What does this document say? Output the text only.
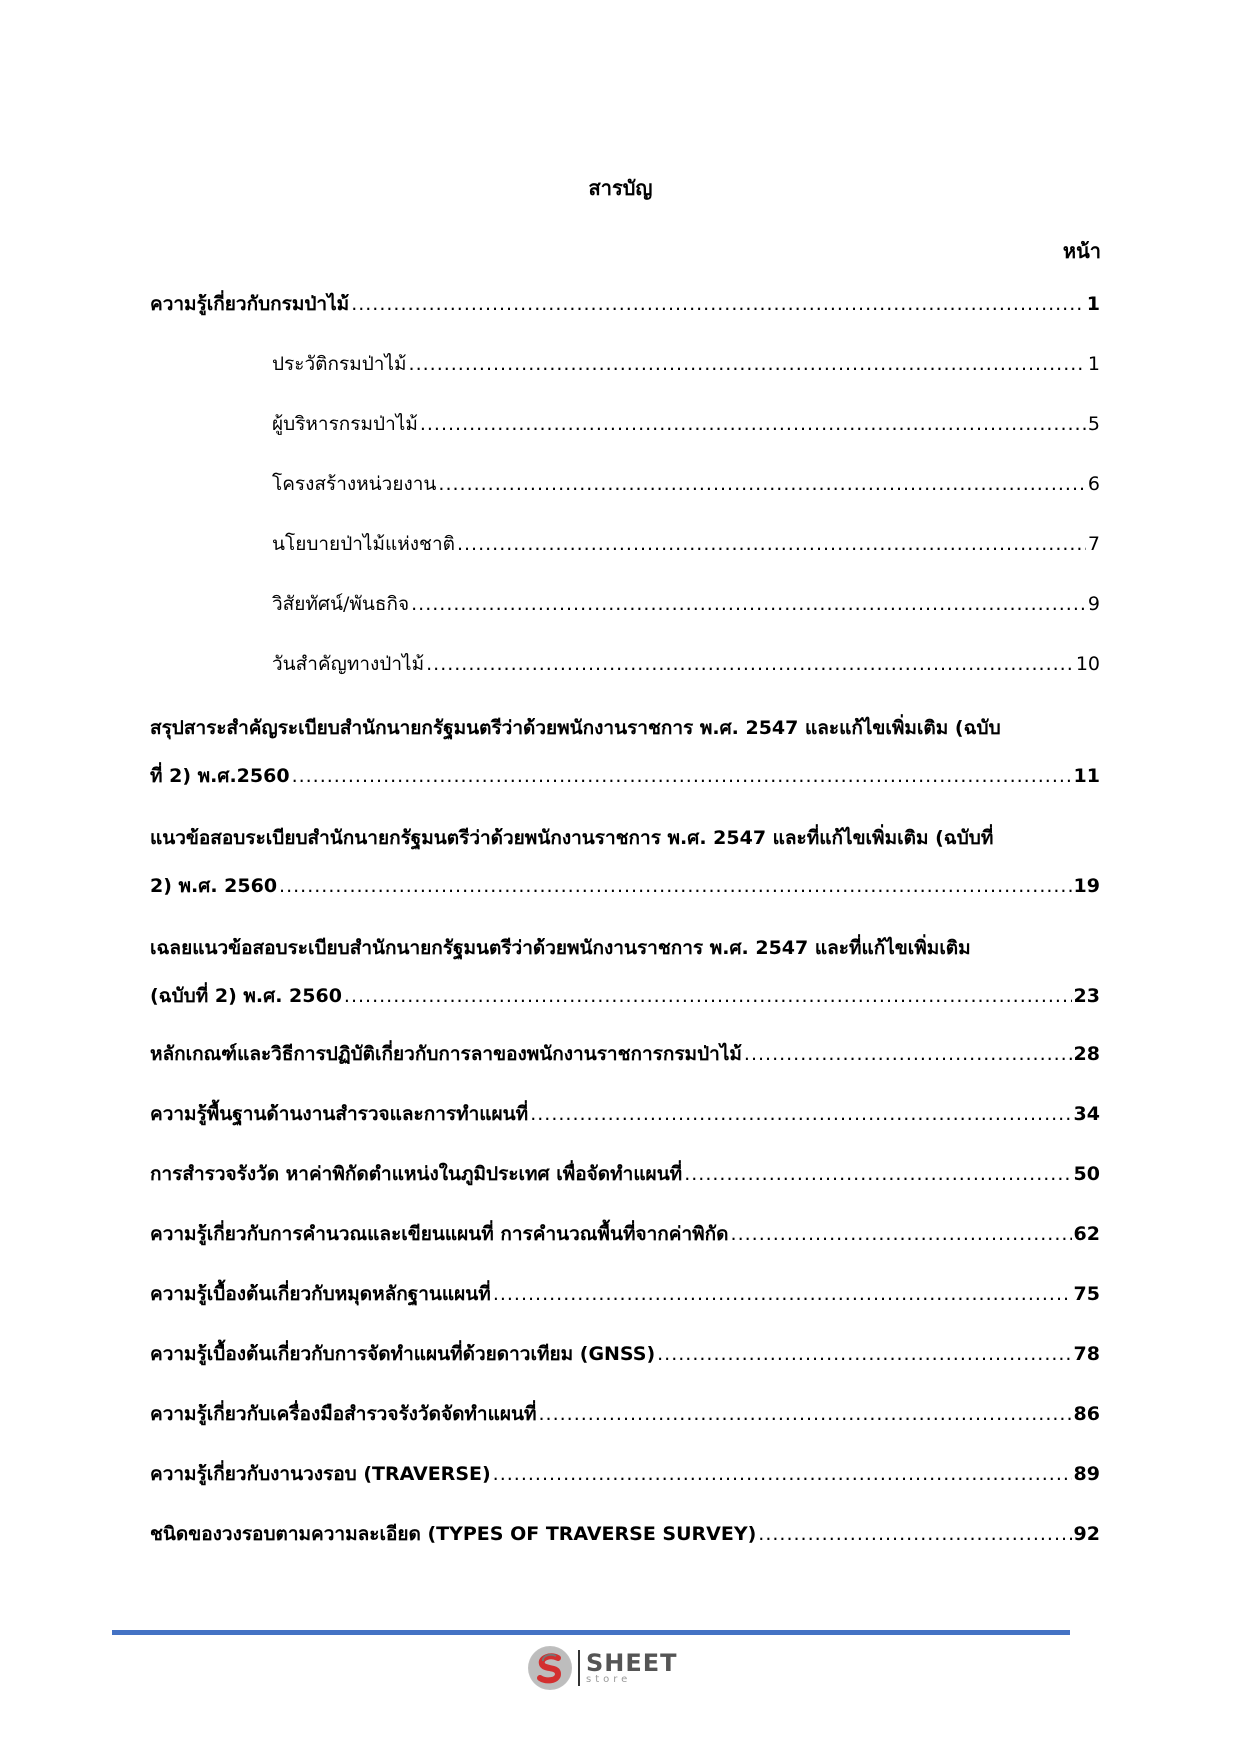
สารบัญ
หน้า
ความรู้เกี่ยวกับกรมป่าไม้ .....	1
ประวัติกรมป่าไม้ .....	1
ผู้บริหารกรมป่าไม้ .....	5
โครงสร้างหน่วยงาน .....	6
นโยบายป่าไม้แห่งชาติ .....	7
วิสัยทัศน์/พันธกิจ .....	9
วันสำคัญทางป่าไม้ .....	10
สรุปสาระสำคัญระเบียบสำนักนายกรัฐมนตรีว่าด้วยพนักงานราชการ พ.ศ. 2547 และแก้ไขเพิ่มเติม (ฉบับ
ที่ 2) พ.ศ.2560 .....	11
แนวข้อสอบระเบียบสำนักนายกรัฐมนตรีว่าด้วยพนักงานราชการ พ.ศ. 2547 และที่แก้ไขเพิ่มเติม (ฉบับที่
2) พ.ศ. 2560 .....	19
เฉลยแนวข้อสอบระเบียบสำนักนายกรัฐมนตรีว่าด้วยพนักงานราชการ พ.ศ. 2547 และที่แก้ไขเพิ่มเติม
(ฉบับที่ 2) พ.ศ. 2560 .....	23
หลักเกณฑ์และวิธีการปฏิบัติเกี่ยวกับการลาของพนักงานราชการกรมป่าไม้ .....	28
ความรู้พื้นฐานด้านงานสำรวจและการทำแผนที่ .....	34
การสำรวจรังวัด หาค่าพิกัดตำแหน่งในภูมิประเทศ เพื่อจัดทำแผนที่ .....	50
ความรู้เกี่ยวกับการคำนวณและเขียนแผนที่ การคำนวณพื้นที่จากค่าพิกัด .....	62
ความรู้เบื้องต้นเกี่ยวกับหมุดหลักฐานแผนที่ .....	75
ความรู้เบื้องต้นเกี่ยวกับการจัดทำแผนที่ด้วยดาวเทียม (GNSS) .....	78
ความรู้เกี่ยวกับเครื่องมือสำรวจรังวัดจัดทำแผนที่ .....	86
ความรู้เกี่ยวกับงานวงรอบ (TRAVERSE) .....	89
ชนิดของวงรอบตามความละเอียด (TYPES OF TRAVERSE SURVEY) .....	92
SHEET
store
